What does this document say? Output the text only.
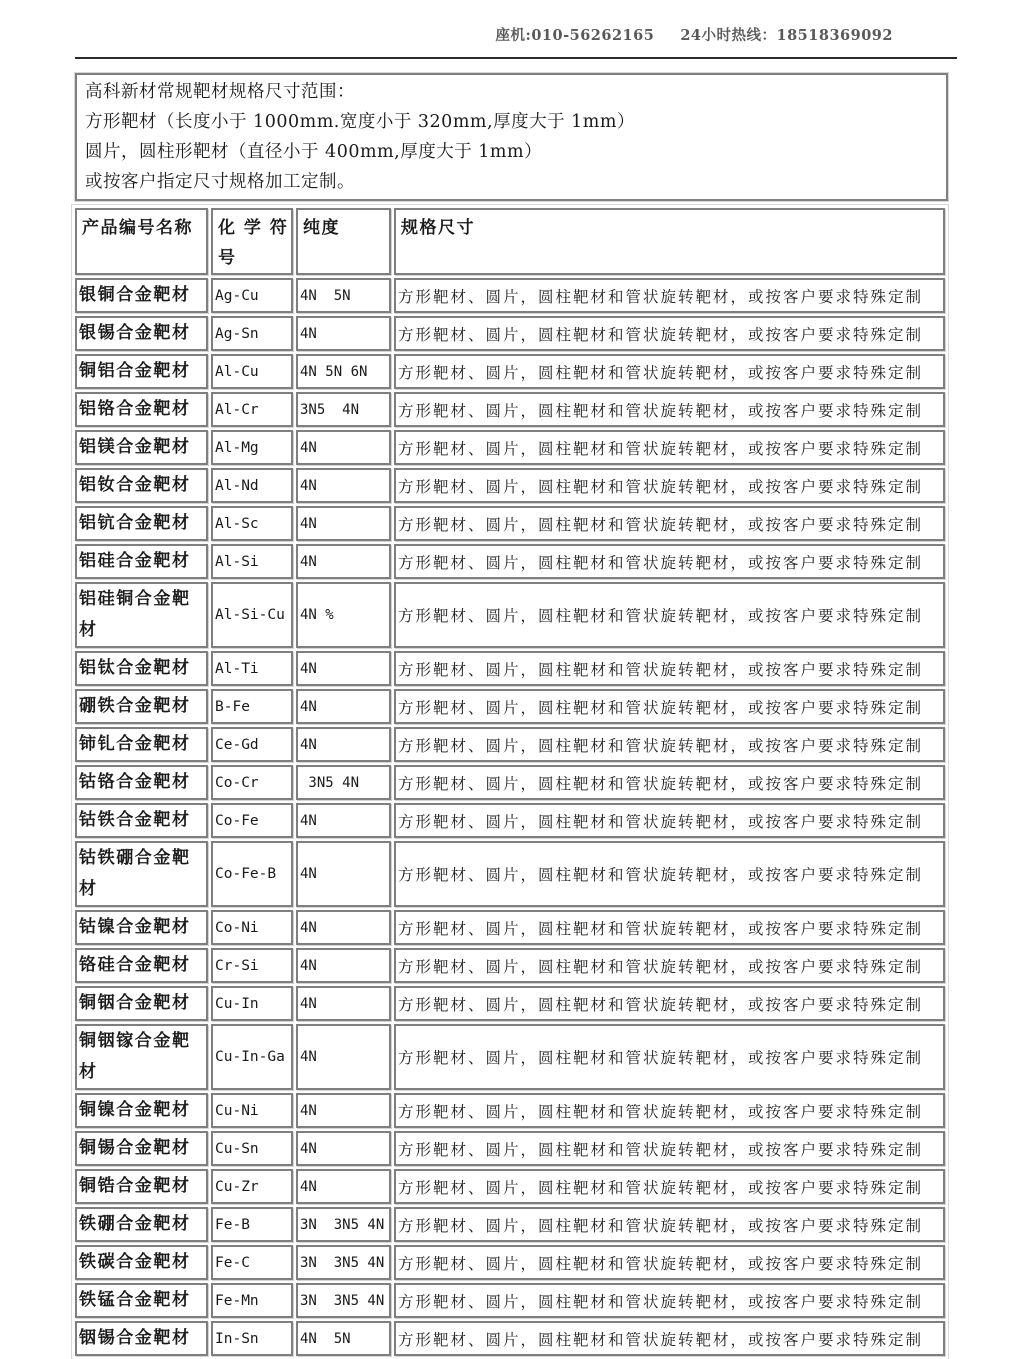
座机:010-56262165 24小时热线：18518369092

高科新材常规靶材规格尺寸范围：

方形靶材（长度小于 1000mm.宽度小于 320mm,厚度大于 1mm）

圆片，圆柱形靶材（直径小于 400mm,厚度大于 1mm）

或按客户指定尺寸规格加工定制。

产品编号名称	化 学 符号	纯度	规格尺寸
银铜合金靶材	Ag-Cu	4N  5N	方形靶材、圆片，圆柱靶材和管状旋转靶材，或按客户要求特殊定制
银锡合金靶材	Ag-Sn	4N	方形靶材、圆片，圆柱靶材和管状旋转靶材，或按客户要求特殊定制
铜铝合金靶材	Al-Cu	4N 5N 6N	方形靶材、圆片，圆柱靶材和管状旋转靶材，或按客户要求特殊定制
铝铬合金靶材	Al-Cr	3N5  4N	方形靶材、圆片，圆柱靶材和管状旋转靶材，或按客户要求特殊定制
铝镁合金靶材	Al-Mg	4N	方形靶材、圆片，圆柱靶材和管状旋转靶材，或按客户要求特殊定制
铝钕合金靶材	Al-Nd	4N	方形靶材、圆片，圆柱靶材和管状旋转靶材，或按客户要求特殊定制
铝钪合金靶材	Al-Sc	4N	方形靶材、圆片，圆柱靶材和管状旋转靶材，或按客户要求特殊定制
铝硅合金靶材	Al-Si	4N	方形靶材、圆片，圆柱靶材和管状旋转靶材，或按客户要求特殊定制
铝硅铜合金靶材	Al-Si-Cu	4N %	方形靶材、圆片，圆柱靶材和管状旋转靶材，或按客户要求特殊定制
铝钛合金靶材	Al-Ti	4N	方形靶材、圆片，圆柱靶材和管状旋转靶材，或按客户要求特殊定制
硼铁合金靶材	B-Fe	4N	方形靶材、圆片，圆柱靶材和管状旋转靶材，或按客户要求特殊定制
铈钆合金靶材	Ce-Gd	4N	方形靶材、圆片，圆柱靶材和管状旋转靶材，或按客户要求特殊定制
钴铬合金靶材	Co-Cr	3N5 4N	方形靶材、圆片，圆柱靶材和管状旋转靶材，或按客户要求特殊定制
钴铁合金靶材	Co-Fe	4N	方形靶材、圆片，圆柱靶材和管状旋转靶材，或按客户要求特殊定制
钴铁硼合金靶材	Co-Fe-B	4N	方形靶材、圆片，圆柱靶材和管状旋转靶材，或按客户要求特殊定制
钴镍合金靶材	Co-Ni	4N	方形靶材、圆片，圆柱靶材和管状旋转靶材，或按客户要求特殊定制
铬硅合金靶材	Cr-Si	4N	方形靶材、圆片，圆柱靶材和管状旋转靶材，或按客户要求特殊定制
铜铟合金靶材	Cu-In	4N	方形靶材、圆片，圆柱靶材和管状旋转靶材，或按客户要求特殊定制
铜铟镓合金靶材	Cu-In-Ga	4N	方形靶材、圆片，圆柱靶材和管状旋转靶材，或按客户要求特殊定制
铜镍合金靶材	Cu-Ni	4N	方形靶材、圆片，圆柱靶材和管状旋转靶材，或按客户要求特殊定制
铜锡合金靶材	Cu-Sn	4N	方形靶材、圆片，圆柱靶材和管状旋转靶材，或按客户要求特殊定制
铜锆合金靶材	Cu-Zr	4N	方形靶材、圆片，圆柱靶材和管状旋转靶材，或按客户要求特殊定制
铁硼合金靶材	Fe-B	3N  3N5 4N	方形靶材、圆片，圆柱靶材和管状旋转靶材，或按客户要求特殊定制
铁碳合金靶材	Fe-C	3N  3N5 4N	方形靶材、圆片，圆柱靶材和管状旋转靶材，或按客户要求特殊定制
铁锰合金靶材	Fe-Mn	3N  3N5 4N	方形靶材、圆片，圆柱靶材和管状旋转靶材，或按客户要求特殊定制
铟锡合金靶材	In-Sn	4N  5N	方形靶材、圆片，圆柱靶材和管状旋转靶材，或按客户要求特殊定制
